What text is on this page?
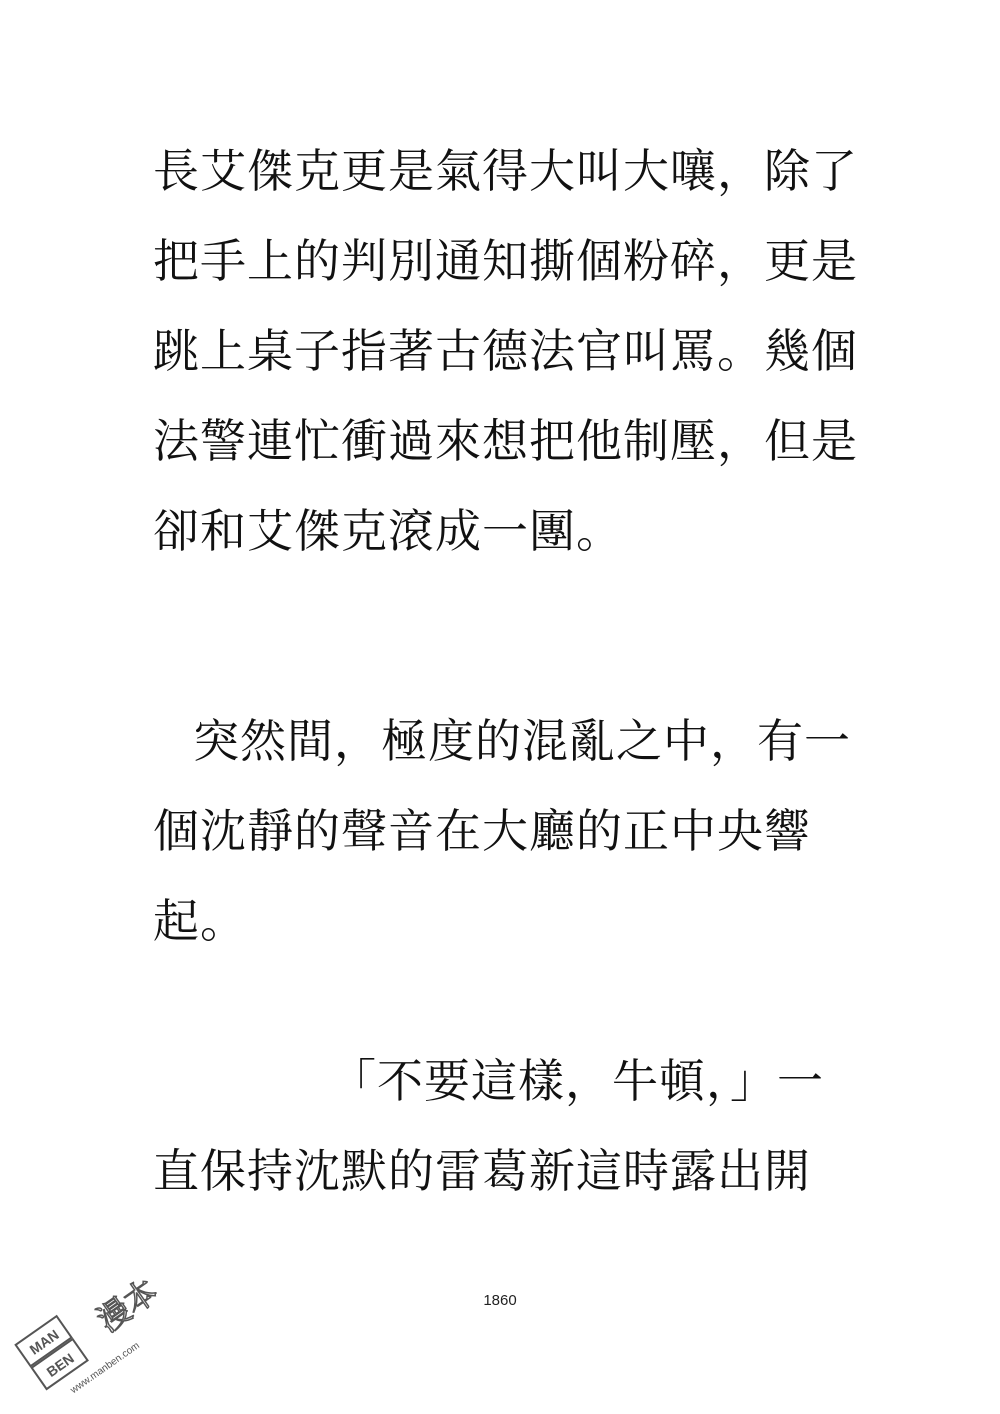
長艾傑克更是氣得大叫大嚷，除了
把手上的判別通知撕個粉碎，更是
跳上桌子指著古德法官叫罵。幾個
法警連忙衝過來想把他制壓，但是
卻和艾傑克滾成一團。
突然間，極度的混亂之中，有一
個沈靜的聲音在大廳的正中央響
起。
「不要這樣，牛頓，」一
直保持沈默的雷葛新這時露出開
1860
MAN
BEN
漫本
www.manben.com
